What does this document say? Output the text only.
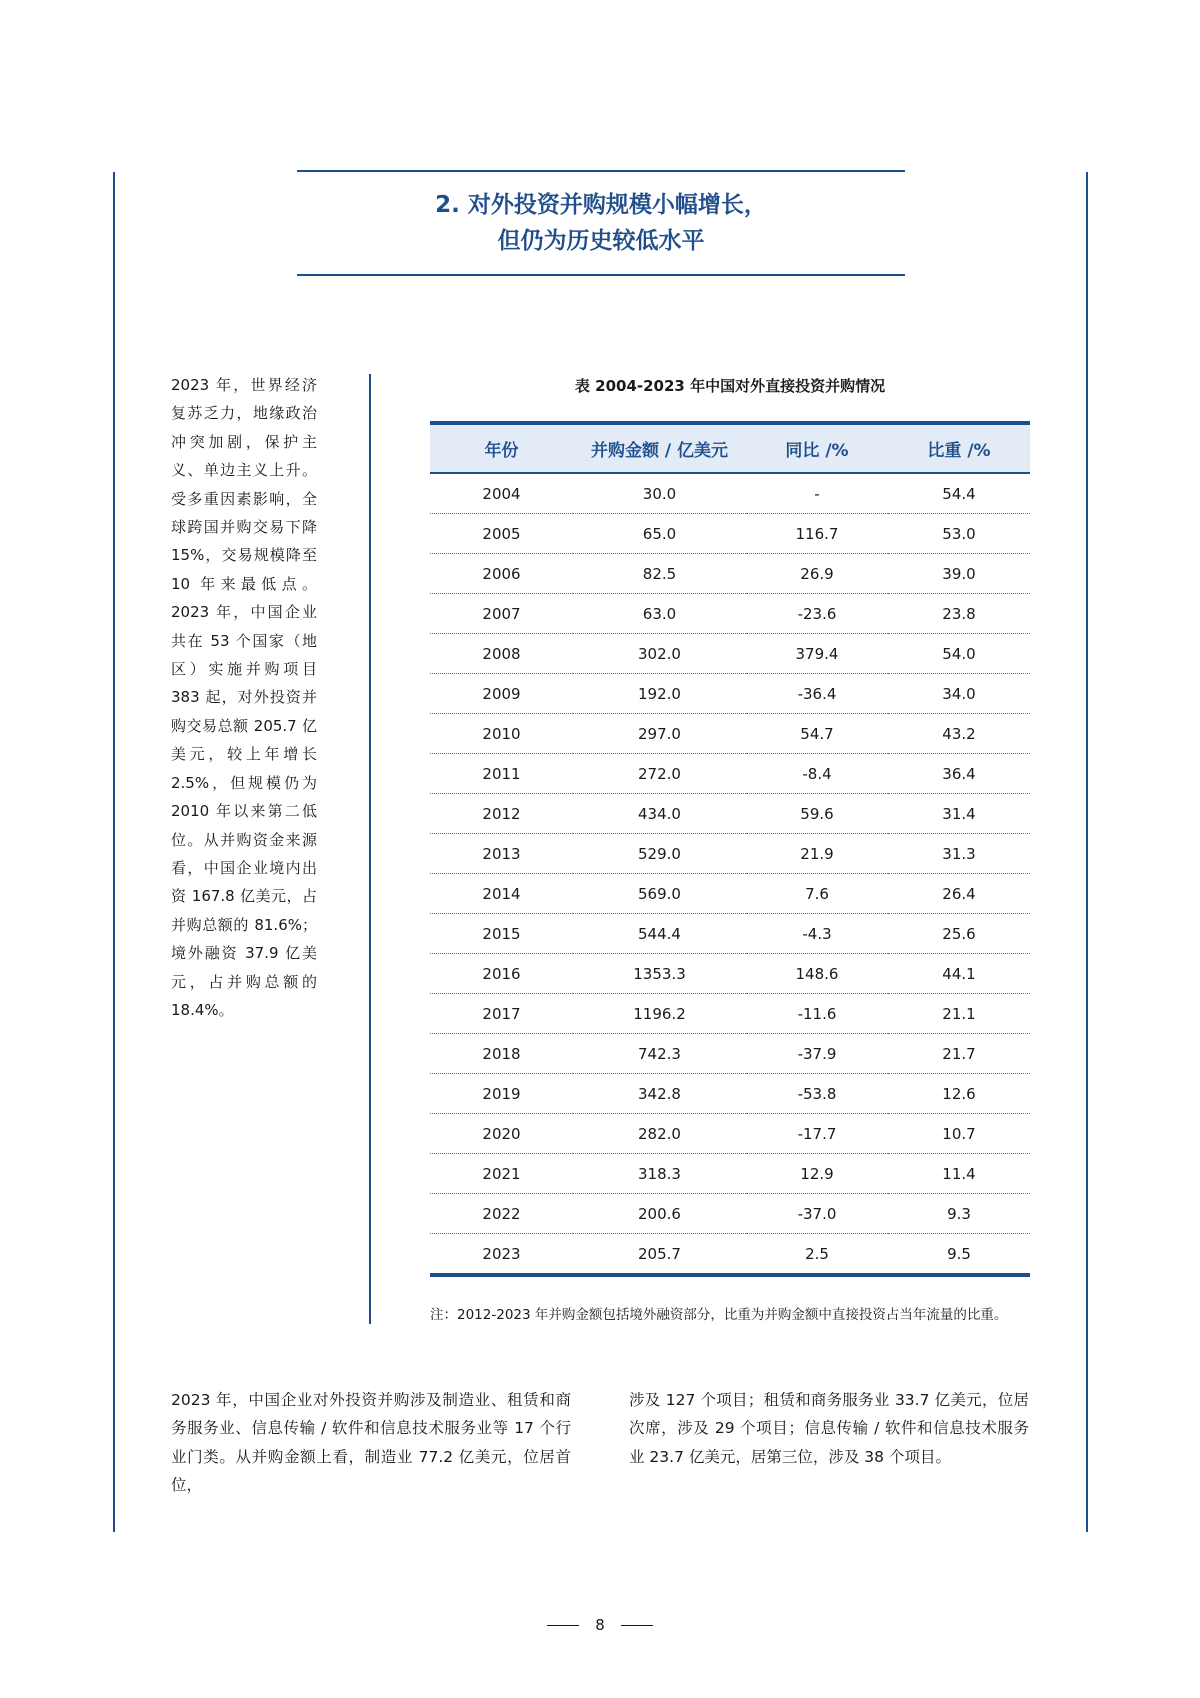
2. 对外投资并购规模小幅增长，
但仍为历史较低水平
2023 年，世界经济复苏乏力，地缘政治冲突加剧，保护主义、单边主义上升。受多重因素影响，全球跨国并购交易下降 15%，交易规模降至 10 年来最低点。2023 年，中国企业共在 53 个国家（地区）实施并购项目 383 起，对外投资并购交易总额 205.7 亿美元，较上年增长 2.5%，但规模仍为 2010 年以来第二低位。从并购资金来源看，中国企业境内出资 167.8 亿美元，占并购总额的 81.6%；境外融资 37.9 亿美元，占并购总额的 18.4%。
表 2004-2023 年中国对外直接投资并购情况
年份	并购金额 / 亿美元	同比 /%	比重 /%
2004	30.0	-	54.4
2005	65.0	116.7	53.0
2006	82.5	26.9	39.0
2007	63.0	-23.6	23.8
2008	302.0	379.4	54.0
2009	192.0	-36.4	34.0
2010	297.0	54.7	43.2
2011	272.0	-8.4	36.4
2012	434.0	59.6	31.4
2013	529.0	21.9	31.3
2014	569.0	7.6	26.4
2015	544.4	-4.3	25.6
2016	1353.3	148.6	44.1
2017	1196.2	-11.6	21.1
2018	742.3	-37.9	21.7
2019	342.8	-53.8	12.6
2020	282.0	-17.7	10.7
2021	318.3	12.9	11.4
2022	200.6	-37.0	9.3
2023	205.7	2.5	9.5
注：2012-2023 年并购金额包括境外融资部分，比重为并购金额中直接投资占当年流量的比重。
2023 年，中国企业对外投资并购涉及制造业、租赁和商务服务业、信息传输 / 软件和信息技术服务业等 17 个行业门类。从并购金额上看，制造业 77.2 亿美元，位居首位，
涉及 127 个项目；租赁和商务服务业 33.7 亿美元，位居次席，涉及 29 个项目；信息传输 / 软件和信息技术服务业 23.7 亿美元，居第三位，涉及 38 个项目。
8
